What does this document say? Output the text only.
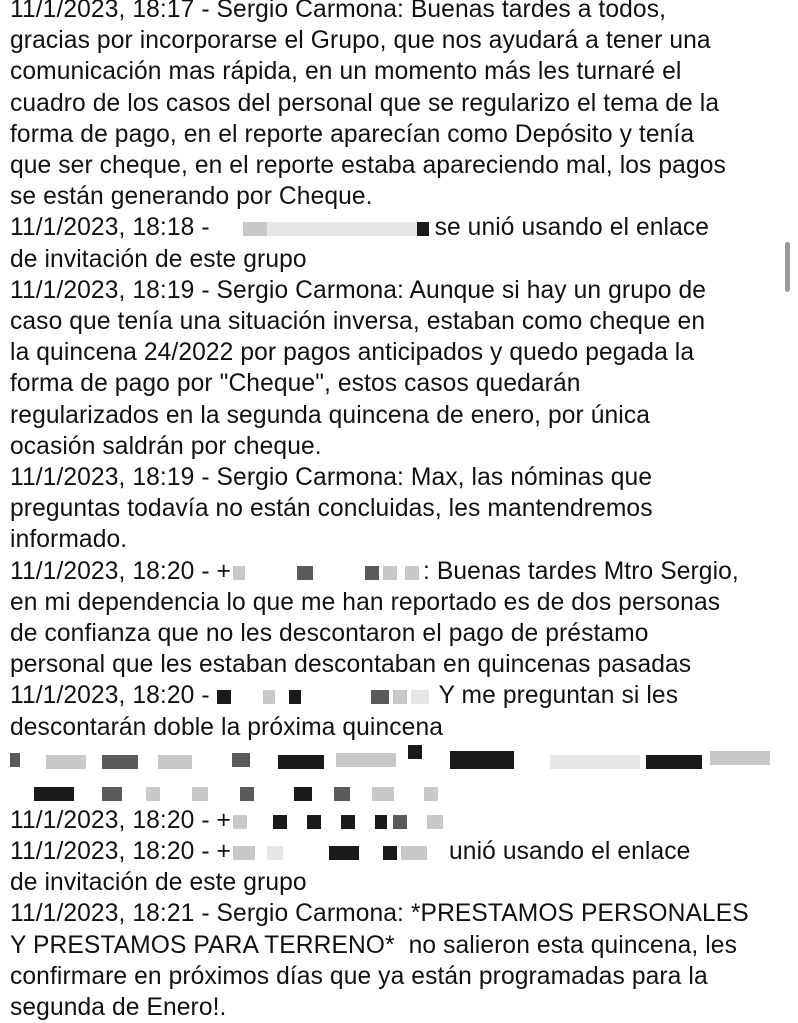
11/1/2023, 18:17 - Sergio Carmona: Buenas tardes a todos,
gracias por incorporarse el Grupo, que nos ayudará a tener una
comunicación mas rápida, en un momento más les turnaré el
cuadro de los casos del personal que se regularizo el tema de la
forma de pago, en el reporte aparecían como Depósito y tenía
que ser cheque, en el reporte estaba apareciendo mal, los pagos
se están generando por Cheque.
11/1/2023, 18:18 -	se unió usando el enlace
de invitación de este grupo
11/1/2023, 18:19 - Sergio Carmona: Aunque si hay un grupo de
caso que tenía una situación inversa, estaban como cheque en
la quincena 24/2022 por pagos anticipados y quedo pegada la
forma de pago por "Cheque", estos casos quedarán
regularizados en la segunda quincena de enero, por única
ocasión saldrán por cheque.
11/1/2023, 18:19 - Sergio Carmona: Max, las nóminas que
preguntas todavía no están concluidas, les mantendremos
informado.
11/1/2023, 18:20 - +	: Buenas tardes Mtro Sergio,
en mi dependencia lo que me han reportado es de dos personas
de confianza que no les descontaron el pago de préstamo
personal que les estaban descontaban en quincenas pasadas
11/1/2023, 18:20 -	Y me preguntan si les
descontarán doble la próxima quincena
11/1/2023, 18:20 - +
11/1/2023, 18:20 - +	unió usando el enlace
de invitación de este grupo
11/1/2023, 18:21 - Sergio Carmona: *PRESTAMOS PERSONALES
Y PRESTAMOS PARA TERRENO*  no salieron esta quincena, les
confirmare en próximos días que ya están programadas para la
segunda de Enero!.
